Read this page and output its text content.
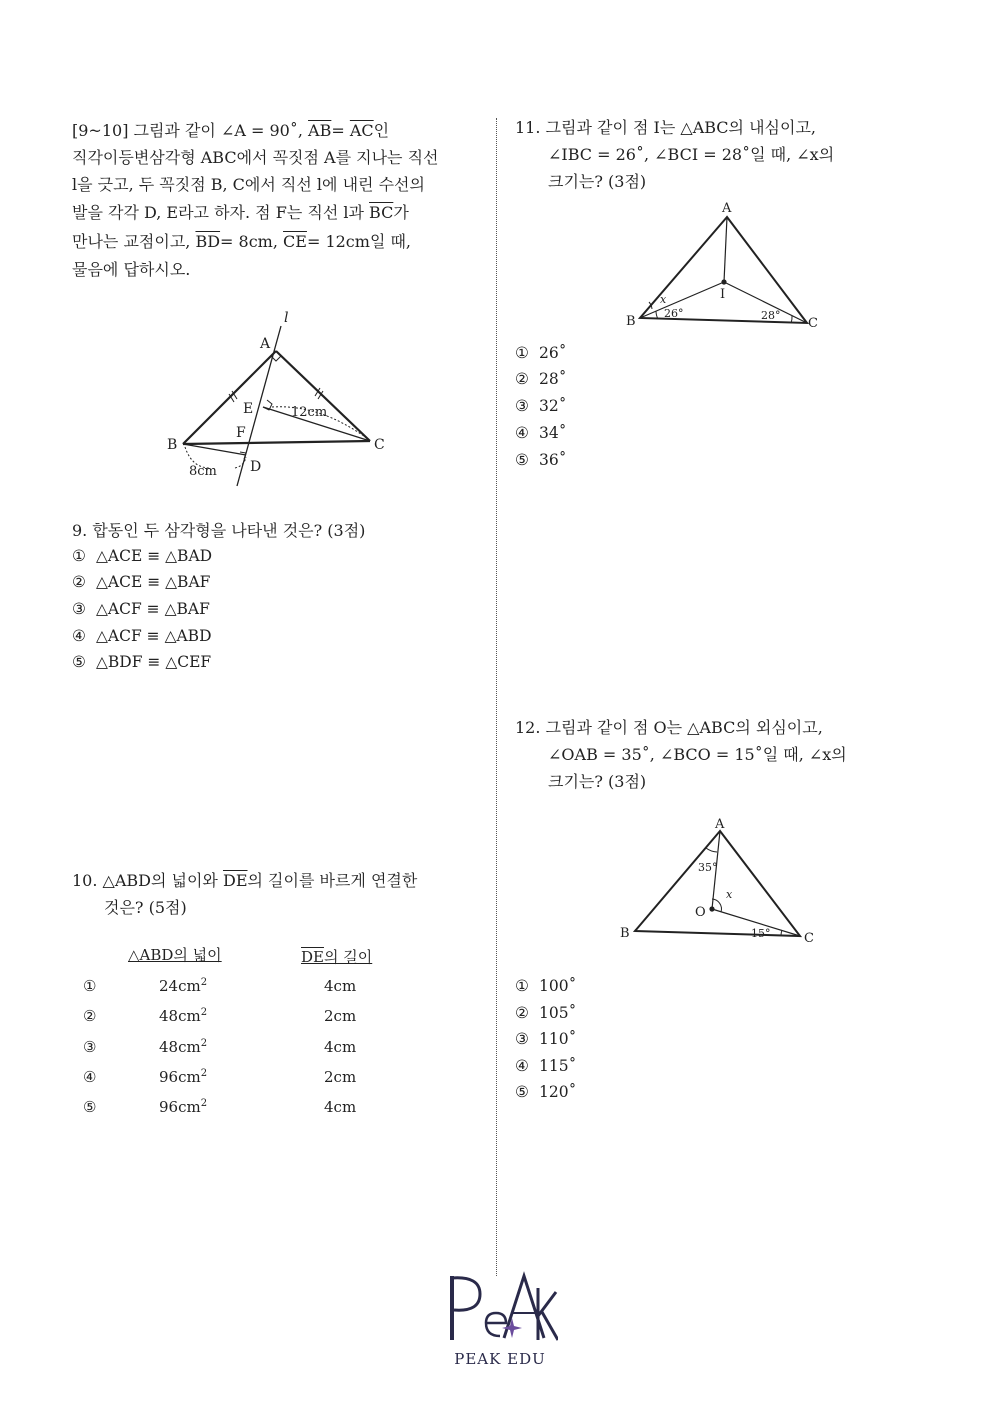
[9~10] 그림과 같이 ∠A = 90˚, $\overline{AB}= \overline{AC}$인
직각이등변삼각형 ABC에서 꼭짓점 A를 지나는 직선
l을 긋고, 두 꼭짓점 B, C에서 직선 l에 내린 수선의
발을 각각 D, E라고 하자. 점 F는 직선 l과 $\overline{BC}$가
만나는 교점이고, $\overline{BD}= 8cm$, $\overline{CE}= 12cm$일 때,
물음에 답하시오.
l
A
B	C
D
E
F
12cm
8cm
9. 합동인 두 삼각형을 나타낸 것은? (3점)
① △ACE ≡ △BAD
② △ACE ≡ △BAF
③ △ACF ≡ △BAF
④ △ACF ≡ △ABD
⑤ △BDF ≡ △CEF
10. △ABD의 넓이와 $\overline{DE}$의 길이를 바르게 연결한
것은? (5점)
△ABD의 넓이	DE의 길이
①	$24cm^2$	4cm
②	$48cm^2$	2cm
③	$48cm^2$	4cm
④	$96cm^2$	2cm
⑤	$96cm^2$	4cm
11. 그림과 같이 점 I는 △ABC의 내심이고,
∠IBC = 26˚, ∠BCI = 28˚일 때, ∠x의
크기는? (3점)
A
B	C
I
x
26°	28°
① 26˚
② 28˚
③ 32˚
④ 34˚
⑤ 36˚
12. 그림과 같이 점 O는 △ABC의 외심이고,
∠OAB = 35˚, ∠BCO = 15˚일 때, ∠x의
크기는? (3점)
A
B	C
O
x
35°
15°
① 100˚
② 105˚
③ 110˚
④ 115˚
⑤ 120˚
PEAK EDU
